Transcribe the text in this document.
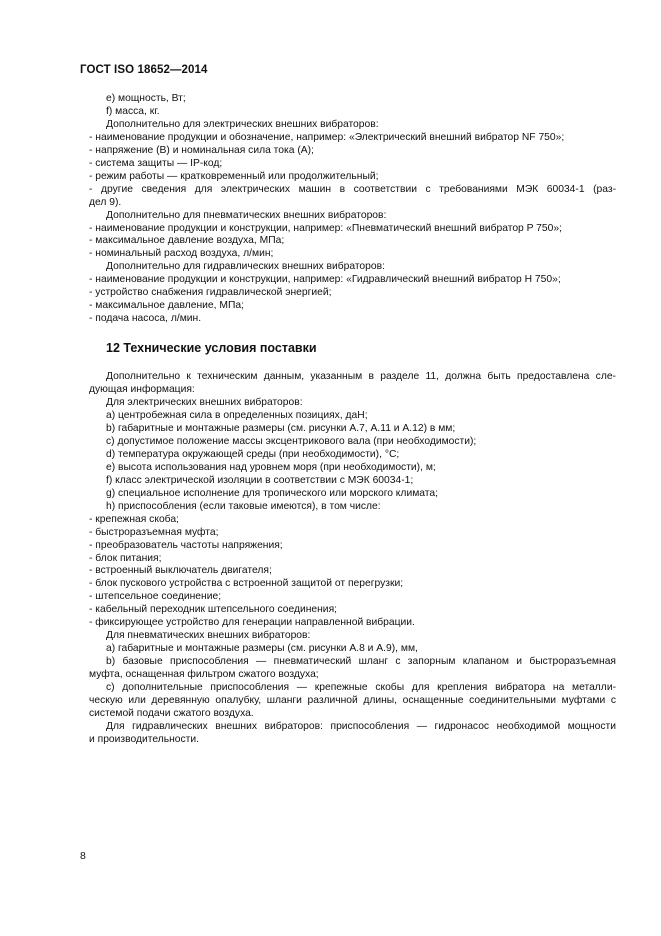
ГОСТ ISO 18652—2014
e) мощность, Вт;
f) масса, кг.
Дополнительно для электрических внешних вибраторов:
- наименование продукции и обозначение, например: «Электрический внешний вибратор NF 750»;
- напряжение (В) и номинальная сила тока (А);
- система защиты — IP-код;
- режим работы — кратковременный или продолжительный;
- другие сведения для электрических машин в соответствии с требованиями МЭК 60034-1 (раз-
дел 9).
Дополнительно для пневматических внешних вибраторов:
- наименование продукции и конструкции, например: «Пневматический внешний вибратор P 750»;
- максимальное давление воздуха, МПа;
- номинальный расход воздуха, л/мин;
Дополнительно для гидравлических внешних вибраторов:
- наименование продукции и конструкции, например: «Гидравлический внешний вибратор H 750»;
- устройство снабжения гидравлической энергией;
- максимальное давление, МПа;
- подача насоса, л/мин.
12 Технические условия поставки
Дополнительно к техническим данным, указанным в разделе 11, должна быть предоставлена сле-
дующая информация:
Для электрических внешних вибраторов:
a) центробежная сила в определенных позициях, даН;
b) габаритные и монтажные размеры (см. рисунки А.7, А.11 и А.12) в мм;
c) допустимое положение массы эксцентрикового вала (при необходимости);
d) температура окружающей среды (при необходимости), °C;
e) высота использования над уровнем моря (при необходимости), м;
f) класс электрической изоляции в соответствии с МЭК 60034-1;
g) специальное исполнение для тропического или морского климата;
h) приспособления (если таковые имеются), в том числе:
- крепежная скоба;
- быстроразъемная муфта;
- преобразователь частоты напряжения;
- блок питания;
- встроенный выключатель двигателя;
- блок пускового устройства с встроенной защитой от перегрузки;
- штепсельное соединение;
- кабельный переходник штепсельного соединения;
- фиксирующее устройство для генерации направленной вибрации.
Для пневматических внешних вибраторов:
a) габаритные и монтажные размеры (см. рисунки А.8 и А.9), мм,
b) базовые приспособления — пневматический шланг с запорным клапаном и быстроразъемная
муфта, оснащенная фильтром сжатого воздуха;
c) дополнительные приспособления — крепежные скобы для крепления вибратора на металли-
ческую или деревянную опалубку, шланги различной длины, оснащенные соединительными муфтами с
системой подачи сжатого воздуха.
Для гидравлических внешних вибраторов: приспособления — гидронасос необходимой мощности
и производительности.
8
